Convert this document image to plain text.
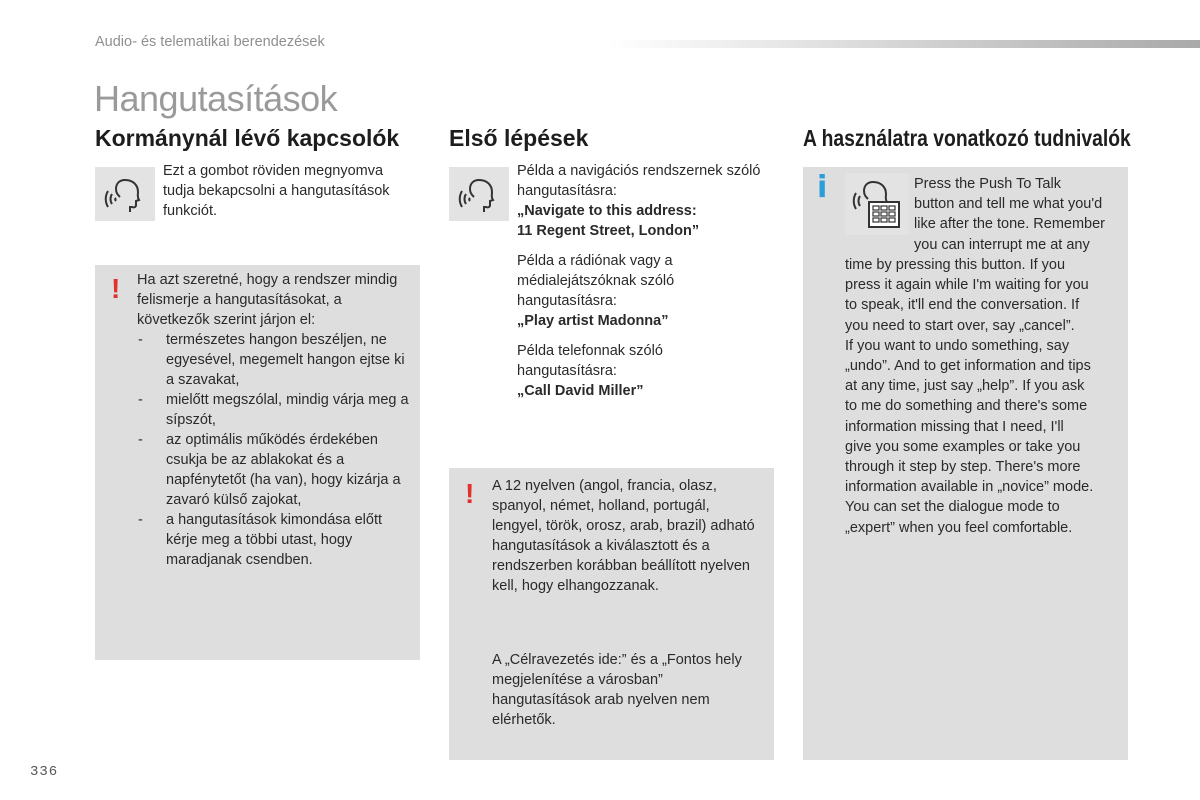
Audio- és telematikai berendezések
Hangutasítások
Kormánynál lévő kapcsolók Első lépések	A használatra vonatkozó tudnivalók
Ezt a gombot röviden megnyomva tudja bekapcsolni a hangutasítások funkciót.
! Ha azt szeretné, hogy a rendszer mindig felismerje a hangutasításokat, a következők szerint járjon el:
- természetes hangon beszéljen, ne egyesével, megemelt hangon ejtse ki a szavakat,
- mielőtt megszólal, mindig várja meg a sípszót,
- az optimális működés érdekében csukja be az ablakokat és a napfénytetőt (ha van), hogy kizárja a zavaró külső zajokat,
- a hangutasítások kimondása előtt kérje meg a többi utast, hogy maradjanak csendben.
Példa a navigációs rendszernek szóló hangutasításra:
„Navigate to this address:
11 Regent Street, London”
Példa a rádiónak vagy a médialejátszóknak szóló hangutasításra:
„Play artist Madonna”
Példa telefonnak szóló hangutasításra:
„Call David Miller”
! A 12 nyelven (angol, francia, olasz, spanyol, német, holland, portugál, lengyel, török, orosz, arab, brazil) adható hangutasítások a kiválasztott és a rendszerben korábban beállított nyelven kell, hogy elhangozzanak.
A „Célravezetés ide:” és a „Fontos hely megjelenítése a városban” hangutasítások arab nyelven nem elérhetők.
i	Press the Push To Talk
button and tell me what you'd
like after the tone. Remember
you can interrupt me at any
time by pressing this button. If you
press it again while I'm waiting for you
to speak, it'll end the conversation. If
you need to start over, say „cancel”.
If you want to undo something, say
„undo”. And to get information and tips
at any time, just say „help”. If you ask
to me do something and there's some
information missing that I need, I'll
give you some examples or take you
through it step by step. There's more
information available in „novice” mode.
You can set the dialogue mode to
„expert” when you feel comfortable.
336
